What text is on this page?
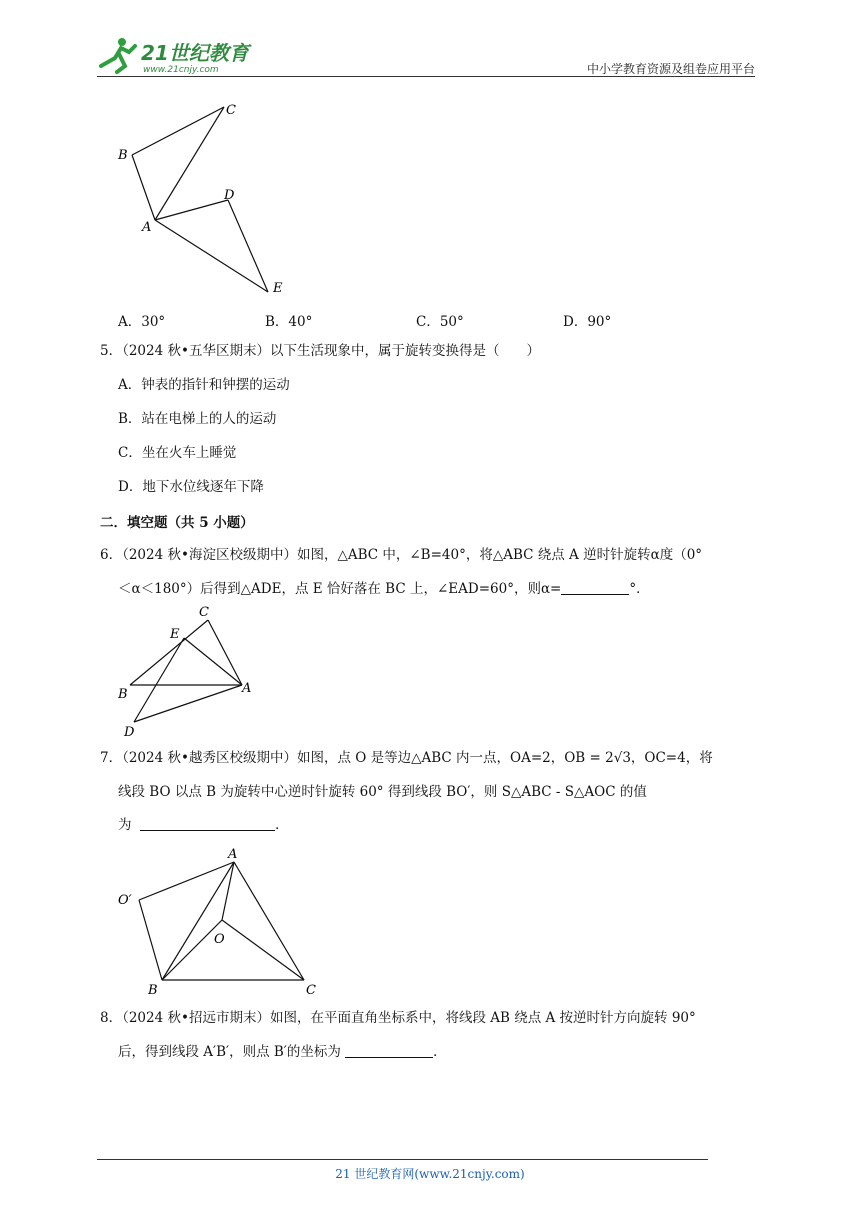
21世纪教育
www.21cnjy.com	中小学教育资源及组卷应用平台
C
B
A
D
E
A．30°	B．40°	C．50°	D．90°
5．（2024 秋•五华区期末）以下生活现象中，属于旋转变换得是（　　）
A．钟表的指针和钟摆的运动
B．站在电梯上的人的运动
C．坐在火车上睡觉
D．地下水位线逐年下降
二．填空题（共 5 小题）
6．（2024 秋•海淀区校级期中）如图，△ABC 中，∠B=40°，将△ABC 绕点 A 逆时针旋转α度（0°
＜α＜180°）后得到△ADE，点 E 恰好落在 BC 上，∠EAD=60°，则α=	°．
C
E
B	A
D
7．（2024 秋•越秀区校级期中）如图，点 O 是等边△ABC 内一点，OA=2，OB = 2√3，OC=4，将
线段 BO 以点 B 为旋转中心逆时针旋转 60° 得到线段 BO′，则 S△ABC - S△AOC 的值
为	．
A
O′
O
B	C
8．（2024 秋•招远市期末）如图，在平面直角坐标系中，将线段 AB 绕点 A 按逆时针方向旋转 90°
后，得到线段 A′B′，则点 B′的坐标为	．
21 世纪教育网(www.21cnjy.com)
